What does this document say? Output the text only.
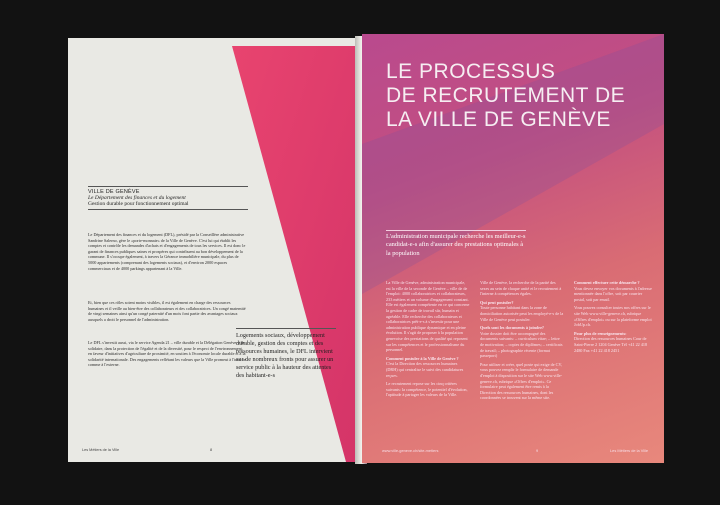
VILLE DE GENÈVE
Le Département des finances et du logement
Gestion durable pour fonctionnement optimal
Le Département des finances et du logement (DFL), présidé par la Conseillère administrative Sandrine Salerno, gère le «porte-monnaie» de la Ville de Genève. C'est lui qui établit les comptes et contrôle les demandes d'achats et d'engagements de tous les services. Il est donc le garant de finances publiques saines et prospères qui contribuent au bon développement de la commune. Il s'occupe également, à travers la Gérance immobilière municipale, du plus de 5000 appartements (comprenant des logements sociaux), et d'environ 2000 espaces commerciaux et de 4000 parkings appartenant à la Ville.
Et, bien que ces rôles soient moins visibles, il est également en charge des ressources humaines et il veille au bien-être des collaborateurs et des collaboratrices. Un congé maternité de vingt semaines ainsi qu'un congé paternité d'un mois font partie des avantages sociaux auxquels a droit le personnel de l'administration.
Le DFL s'investit aussi, via le service Agenda 21 – ville durable et la Délégation Genève ville solidaire, dans la protection de l'égalité et de la diversité, pour le respect de l'environnement, en faveur d'initiatives d'agriculture de proximité, en soutien à l'économie locale durable et à la solidarité internationale. Des engagements reflétant les valeurs que la Ville promeut à l'interne comme à l'externe.
Logements sociaux, développement durable, gestion des comptes et des ressources humaines, le DFL intervient sur de nombreux fronts pour assurer un service public à la hauteur des attentes des habitant-e-s
Les Métiers de la Ville	8
LE PROCESSUS
DE RECRUTEMENT DE
LA VILLE DE GENÈVE
L'administration municipale recherche les meilleur-e-s candidat-e-s afin d'assurer des prestations optimales à la population
La Ville de Genève, administration municipale, est la ville de la seconde de Genève – ville de de l'emploi: 4000 collaboratrices et collaborateurs, 233 métiers et un volume d'engagement constant. Elle est également compétente en ce qui concerne la gestion de cadre de travail sûr, humain et agréable. Elle recherche des collaborateurs et collaboratrices prêt-e-s à s'investir pour une administration publique dynamique et en pleine évolution. Il s'agit de proposer à la population genevoise des prestations de qualité qui reposent sur les compétences et le professionnalisme du personnel.
Comment postuler à la Ville de Genève ?
C'est la Direction des ressources humaines (DRH) qui centralise le suivi des candidatures reçues.
Le recrutement repose sur les cinq critères suivants: la compétence, le potentiel d'évolution, l'aptitude à partager les valeurs de la Ville.
Ville de Genève, la recherche de la parité des sexes au sein de chaque unité et le recrutement à l'interne à compétences égales.
Qui peut postuler?
Toute personne habitant dans la zone de domiciliation autorisée peut les employé-e-s de la Ville de Genève peut postuler.
Quels sont les documents à joindre?
Votre dossier doit être accompagné des documents suivants: – curriculum vitae; – lettre de motivation; – copies de diplômes; – certificats de travail; – photographie récente (format passeport)
Pour utiliser et créer, quel poste qui exige de CV, vous pouvez remplir le formulaire de demande d'emploi à disposition sur le site Web www.ville-geneve.ch, rubrique «Offres d'emploi». Ce formulaire peut également être remis à la Direction des ressources humaines, dont les coordonnées se trouvent sur la même site.
Comment effectuer cette démarche ?
Vous devez envoyer vos documents à l'adresse mentionnée dans l'offre, soit par courrier postal, soit par email.
Vous pouvez consulter toutes nos offres sur le site Web www.ville-geneve.ch, rubrique «Offres d'emploi» ou sur la plateforme emploi JobUp.ch.
Pour plus de renseignements:
Direction des ressources humaines Cour de Saint-Pierre 2 1204 Genève Tél +41 22 418 2480 Fax +41 22 418 2451
www.ville-geneve.ch/site-metiers	9	Les Métiers de la Ville
